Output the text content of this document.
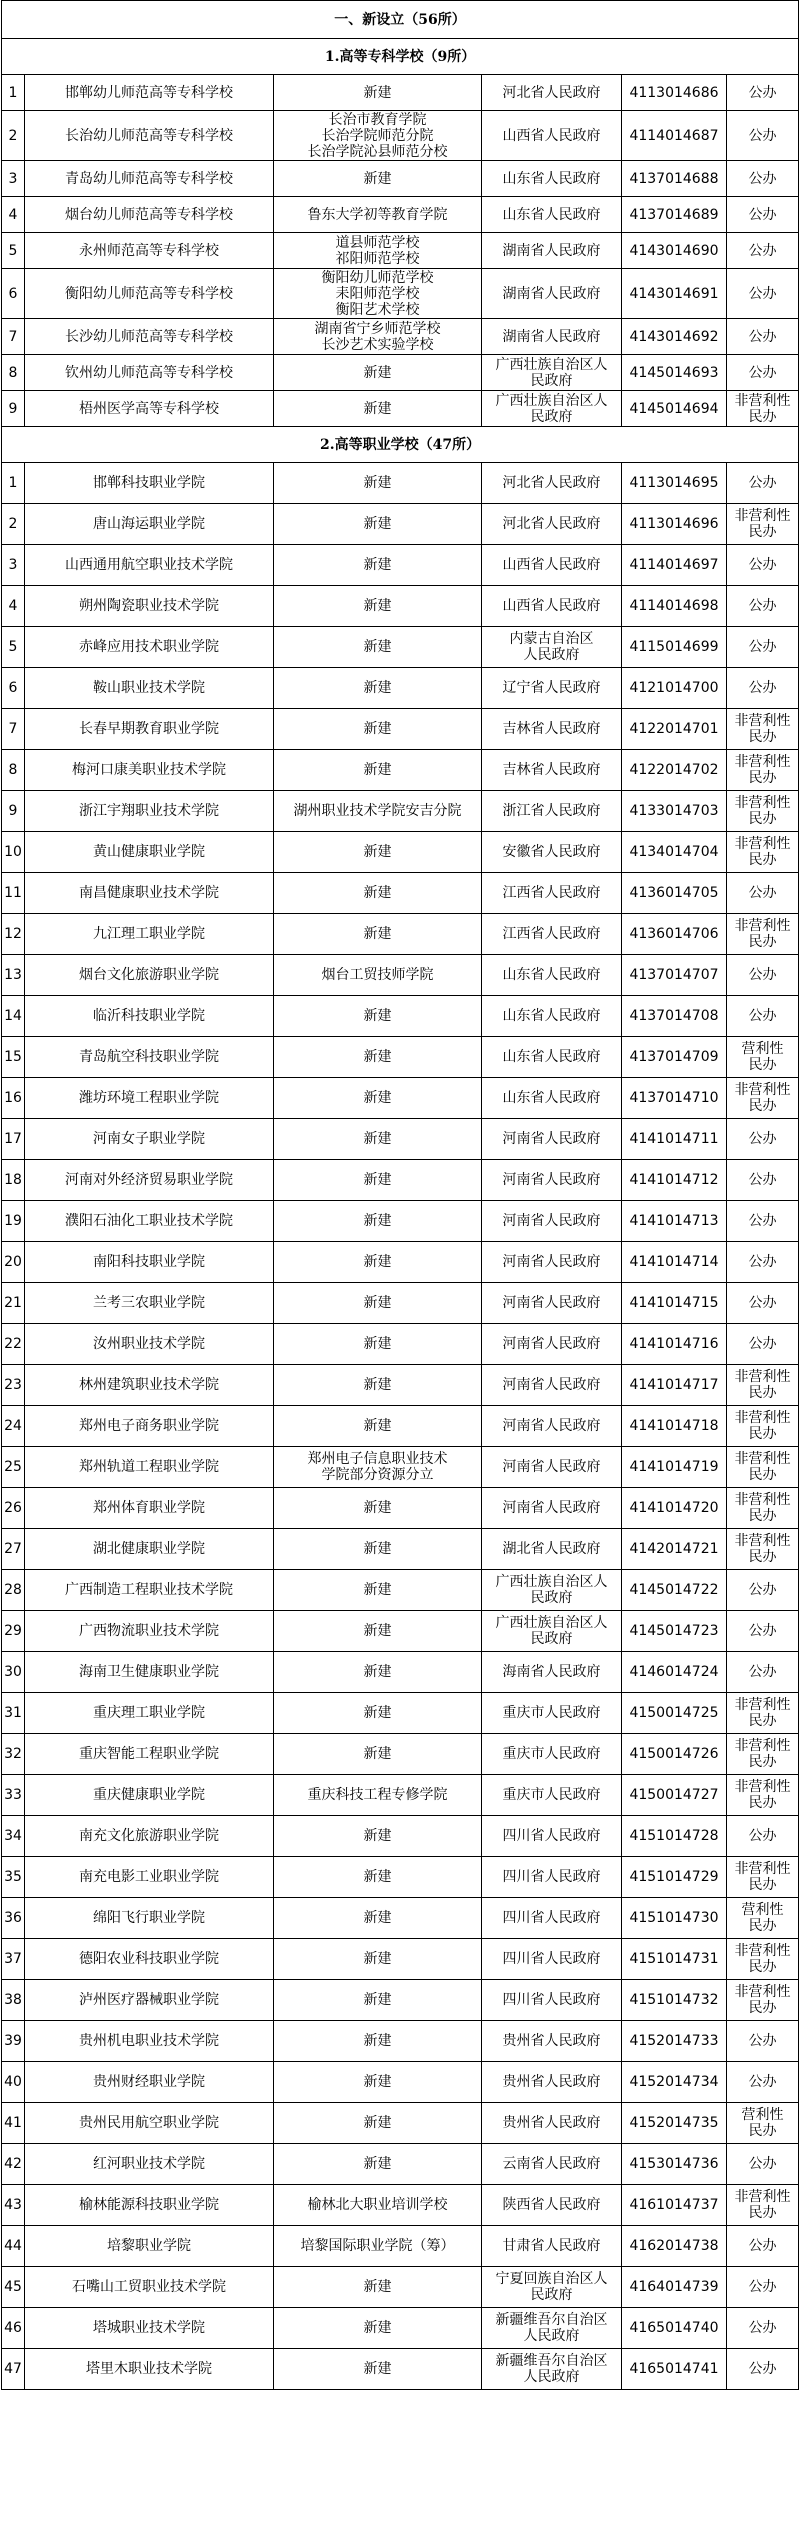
一、新设立（56所）					
1.高等专科学校（9所）					
1	邯郸幼儿师范高等专科学校	新建	河北省人民政府	4113014686	公办

2	长治幼儿师范高等专科学校	长治市教育学院
长治学院师范分院
长治学院沁县师范分校	山西省人民政府	4114014687	公办

3	青岛幼儿师范高等专科学校	新建	山东省人民政府	4137014688	公办

4	烟台幼儿师范高等专科学校	鲁东大学初等教育学院	山东省人民政府	4137014689	公办

5	永州师范高等专科学校	道县师范学校
祁阳师范学校	湖南省人民政府	4143014690	公办

6	衡阳幼儿师范高等专科学校	衡阳幼儿师范学校
耒阳师范学校
衡阳艺术学校	湖南省人民政府	4143014691	公办

7	长沙幼儿师范高等专科学校	湖南省宁乡师范学校
长沙艺术实验学校	湖南省人民政府	4143014692	公办

8	钦州幼儿师范高等专科学校	新建	广西壮族自治区人
民政府	4145014693	公办

9	梧州医学高等专科学校	新建	广西壮族自治区人
民政府	4145014694	非营利性
民办

2.高等职业学校（47所）					
1	邯郸科技职业学院	新建	河北省人民政府	4113014695	公办

2	唐山海运职业学院	新建	河北省人民政府	4113014696	非营利性
民办

3	山西通用航空职业技术学院	新建	山西省人民政府	4114014697	公办

4	朔州陶瓷职业技术学院	新建	山西省人民政府	4114014698	公办

5	赤峰应用技术职业学院	新建	内蒙古自治区
人民政府	4115014699	公办

6	鞍山职业技术学院	新建	辽宁省人民政府	4121014700	公办

7	长春早期教育职业学院	新建	吉林省人民政府	4122014701	非营利性
民办

8	梅河口康美职业技术学院	新建	吉林省人民政府	4122014702	非营利性
民办

9	浙江宇翔职业技术学院	湖州职业技术学院安吉分院	浙江省人民政府	4133014703	非营利性
民办

10	黄山健康职业学院	新建	安徽省人民政府	4134014704	非营利性
民办

11	南昌健康职业技术学院	新建	江西省人民政府	4136014705	公办

12	九江理工职业学院	新建	江西省人民政府	4136014706	非营利性
民办

13	烟台文化旅游职业学院	烟台工贸技师学院	山东省人民政府	4137014707	公办

14	临沂科技职业学院	新建	山东省人民政府	4137014708	公办

15	青岛航空科技职业学院	新建	山东省人民政府	4137014709	营利性
民办

16	潍坊环境工程职业学院	新建	山东省人民政府	4137014710	非营利性
民办

17	河南女子职业学院	新建	河南省人民政府	4141014711	公办

18	河南对外经济贸易职业学院	新建	河南省人民政府	4141014712	公办

19	濮阳石油化工职业技术学院	新建	河南省人民政府	4141014713	公办

20	南阳科技职业学院	新建	河南省人民政府	4141014714	公办

21	兰考三农职业学院	新建	河南省人民政府	4141014715	公办

22	汝州职业技术学院	新建	河南省人民政府	4141014716	公办

23	林州建筑职业技术学院	新建	河南省人民政府	4141014717	非营利性
民办

24	郑州电子商务职业学院	新建	河南省人民政府	4141014718	非营利性
民办

25	郑州轨道工程职业学院	郑州电子信息职业技术
学院部分资源分立	河南省人民政府	4141014719	非营利性
民办

26	郑州体育职业学院	新建	河南省人民政府	4141014720	非营利性
民办

27	湖北健康职业学院	新建	湖北省人民政府	4142014721	非营利性
民办

28	广西制造工程职业技术学院	新建	广西壮族自治区人
民政府	4145014722	公办

29	广西物流职业技术学院	新建	广西壮族自治区人
民政府	4145014723	公办

30	海南卫生健康职业学院	新建	海南省人民政府	4146014724	公办

31	重庆理工职业学院	新建	重庆市人民政府	4150014725	非营利性
民办

32	重庆智能工程职业学院	新建	重庆市人民政府	4150014726	非营利性
民办

33	重庆健康职业学院	重庆科技工程专修学院	重庆市人民政府	4150014727	非营利性
民办

34	南充文化旅游职业学院	新建	四川省人民政府	4151014728	公办

35	南充电影工业职业学院	新建	四川省人民政府	4151014729	非营利性
民办

36	绵阳飞行职业学院	新建	四川省人民政府	4151014730	营利性
民办

37	德阳农业科技职业学院	新建	四川省人民政府	4151014731	非营利性
民办

38	泸州医疗器械职业学院	新建	四川省人民政府	4151014732	非营利性
民办

39	贵州机电职业技术学院	新建	贵州省人民政府	4152014733	公办

40	贵州财经职业学院	新建	贵州省人民政府	4152014734	公办

41	贵州民用航空职业学院	新建	贵州省人民政府	4152014735	营利性
民办

42	红河职业技术学院	新建	云南省人民政府	4153014736	公办

43	榆林能源科技职业学院	榆林北大职业培训学校	陕西省人民政府	4161014737	非营利性
民办

44	培黎职业学院	培黎国际职业学院（筹）	甘肃省人民政府	4162014738	公办

45	石嘴山工贸职业技术学院	新建	宁夏回族自治区人
民政府	4164014739	公办

46	塔城职业技术学院	新建	新疆维吾尔自治区
人民政府	4165014740	公办

47	塔里木职业技术学院	新建	新疆维吾尔自治区
人民政府	4165014741	公办
